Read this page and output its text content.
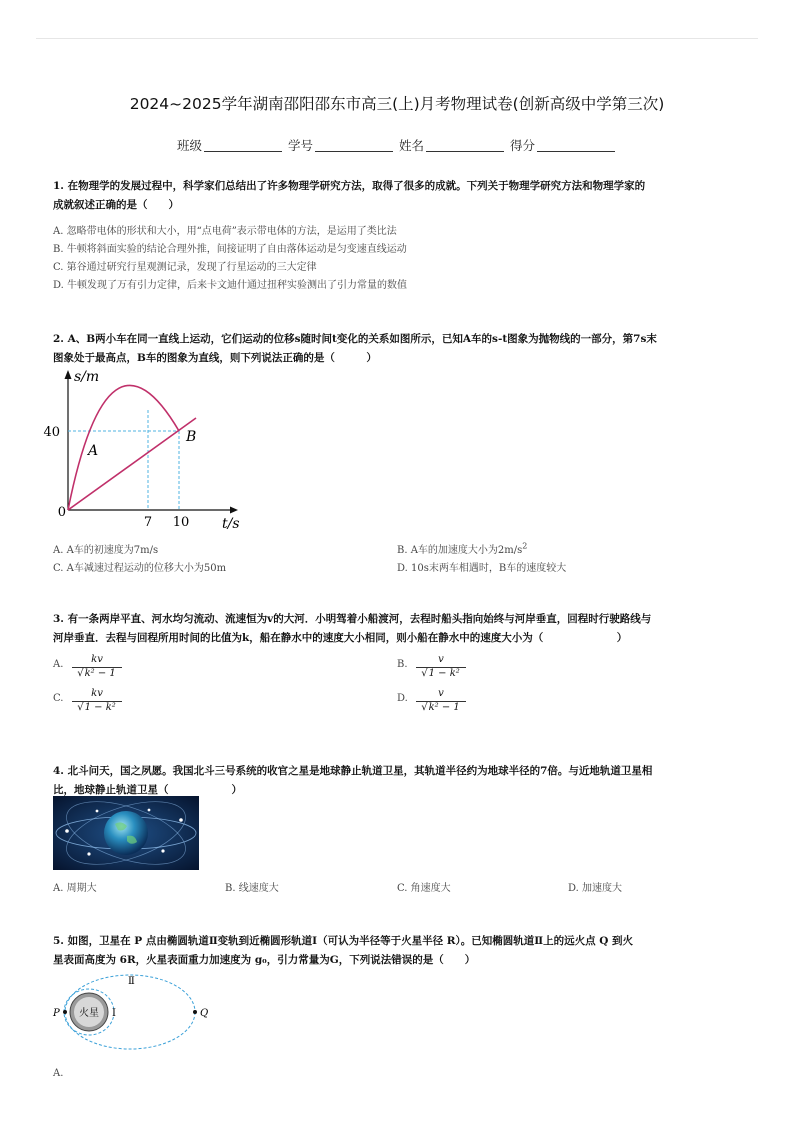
2024~2025学年湖南邵阳邵东市高三(上)月考物理试卷(创新高级中学第三次)
班级	学号	姓名	得分
1. 在物理学的发展过程中，科学家们总结出了许多物理学研究方法，取得了很多的成就。下列关于物理学研究方法和物理学家的
成就叙述正确的是（　　）
A. 忽略带电体的形状和大小，用“点电荷”表示带电体的方法，是运用了类比法
B. 牛顿将斜面实验的结论合理外推，间接证明了自由落体运动是匀变速直线运动
C. 第谷通过研究行星观测记录，发现了行星运动的三大定律
D. 牛顿发现了万有引力定律，后来卡文迪什通过扭秤实验测出了引力常量的数值
2. A、B两小车在同一直线上运动，它们运动的位移s随时间t变化的关系如图所示，已知A车的s-t图象为抛物线的一部分，第7s末
图象处于最高点，B车的图象为直线，则下列说法正确的是（　　　）
s/m
40
0
7 10 t/s
A
B
A. A车的初速度为7m/s	B. A车的加速度大小为$2m/s^2$
C. A车减速过程运动的位移大小为50m	D. 10s末两车相遇时，B车的速度较大
3. 有一条两岸平直、河水均匀流动、流速恒为v的大河．小明驾着小船渡河，去程时船头指向始终与河岸垂直，回程时行驶路线与
河岸垂直．去程与回程所用时间的比值为k，船在静水中的速度大小相同，则小船在静水中的速度大小为（　　　　　　　）
A.	kv
√k² − 1
B.	v
√1 − k²
C.	kv
√1 − k²
D.	v
√k² − 1
4. 北斗问天，国之夙愿。我国北斗三号系统的收官之星是地球静止轨道卫星，其轨道半径约为地球半径的7倍。与近地轨道卫星相
比，地球静止轨道卫星（　　　　　　）
A. 周期大	B. 线速度大	C. 角速度大	D. 加速度大
5. 如图，卫星在 P 点由椭圆轨道Ⅱ变轨到近椭圆形轨道Ⅰ（可认为半径等于火星半径 R）。已知椭圆轨道Ⅱ上的远火点 Q 到火
星表面高度为 6R，火星表面重力加速度为 g₀，引力常量为G，下列说法错误的是（　　）
火星
P	Q
Ⅱ
Ⅰ
A.
